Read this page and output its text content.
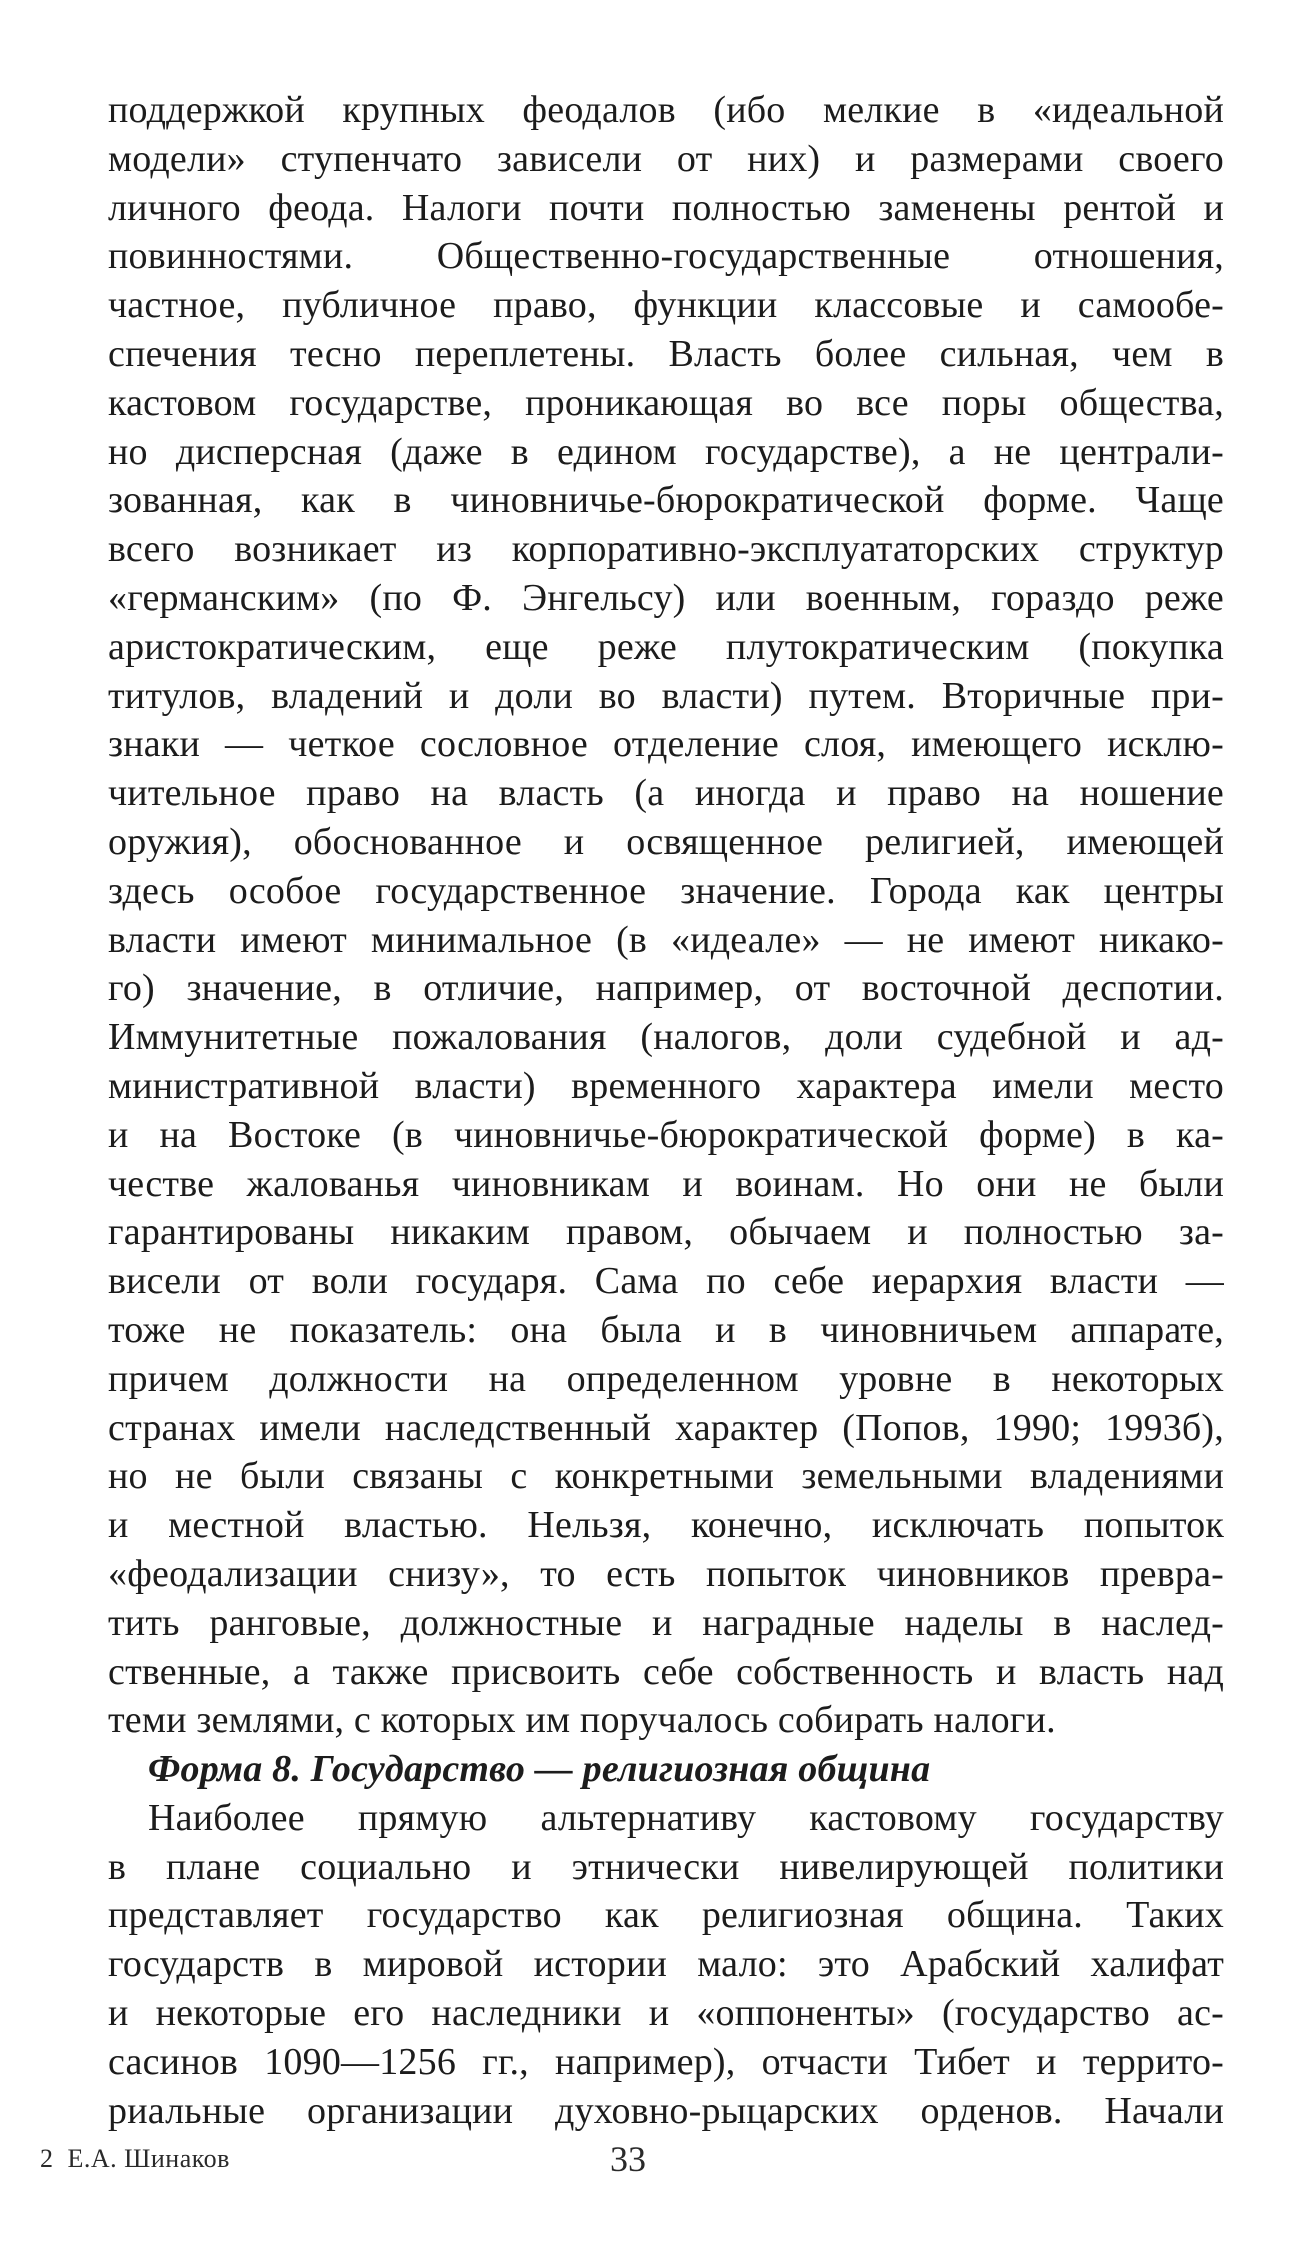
поддержкой крупных феодалов (ибо мелкие в «идеальной
модели» ступенчато зависели от них) и размерами своего
личного феода. Налоги почти полностью заменены рентой и
повинностями. Общественно-государственные отношения,
частное, публичное право, функции классовые и самообе-
спечения тесно переплетены. Власть более сильная, чем в
кастовом государстве, проникающая во все поры общества,
но дисперсная (даже в едином государстве), а не централи-
зованная, как в чиновничье-бюрократической форме. Чаще
всего возникает из корпоративно-эксплуататорских структур
«германским» (по Ф. Энгельсу) или военным, гораздо реже
аристократическим, еще реже плутократическим (покупка
титулов, владений и доли во власти) путем. Вторичные при-
знаки — четкое сословное отделение слоя, имеющего исклю-
чительное право на власть (а иногда и право на ношение
оружия), обоснованное и освященное религией, имеющей
здесь особое государственное значение. Города как центры
власти имеют минимальное (в «идеале» — не имеют никако-
го) значение, в отличие, например, от восточной деспотии.
Иммунитетные пожалования (налогов, доли судебной и ад-
министративной власти) временного характера имели место
и на Востоке (в чиновничье-бюрократической форме) в ка-
честве жалованья чиновникам и воинам. Но они не были
гарантированы никаким правом, обычаем и полностью за-
висели от воли государя. Сама по себе иерархия власти —
тоже не показатель: она была и в чиновничьем аппарате,
причем должности на определенном уровне в некоторых
странах имели наследственный характер (Попов, 1990; 1993б),
но не были связаны с конкретными земельными владениями
и местной властью. Нельзя, конечно, исключать попыток
«феодализации снизу», то есть попыток чиновников превра-
тить ранговые, должностные и наградные наделы в наслед-
ственные, а также присвоить себе собственность и власть над
теми землями, с которых им поручалось собирать налоги.
Форма 8. Государство — религиозная община
Наиболее прямую альтернативу кастовому государству
в плане социально и этнически нивелирующей политики
представляет государство как религиозная община. Таких
государств в мировой истории мало: это Арабский халифат
и некоторые его наследники и «оппоненты» (государство ас-
сасинов 1090—1256 гг., например), отчасти Тибет и террито-
риальные организации духовно-рыцарских орденов. Начали
2 Е.А. Шинаков	33
